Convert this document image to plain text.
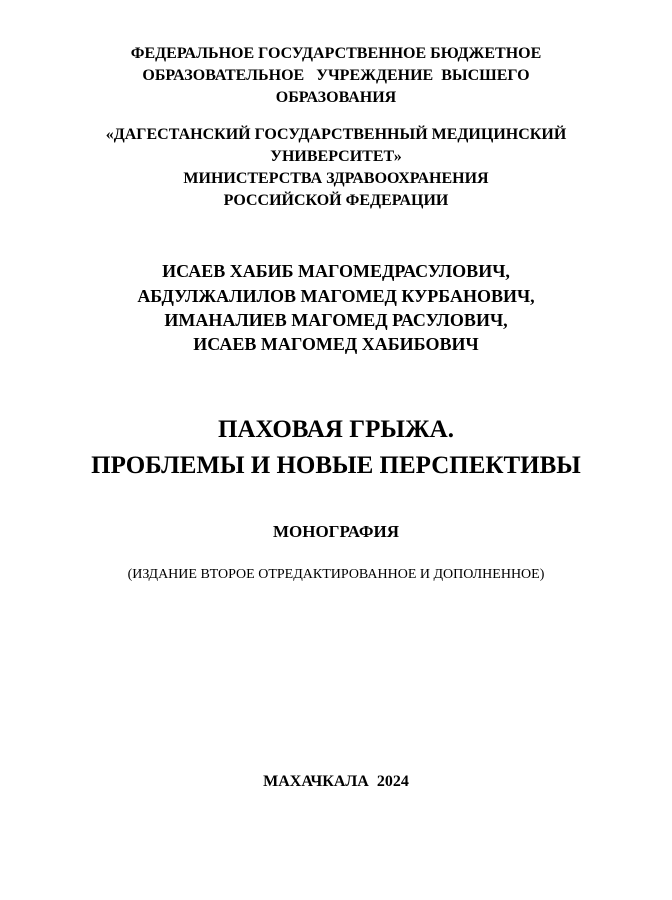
ФЕДЕРАЛЬНОЕ ГОСУДАРСТВЕННОЕ БЮДЖЕТНОЕ
ОБРАЗОВАТЕЛЬНОЕ   УЧРЕЖДЕНИЕ  ВЫСШЕГО
ОБРАЗОВАНИЯ
«ДАГЕСТАНСКИЙ ГОСУДАРСТВЕННЫЙ МЕДИЦИНСКИЙ
УНИВЕРСИТЕТ»
МИНИСТЕРСТВА ЗДРАВООХРАНЕНИЯ
РОССИЙСКОЙ ФЕДЕРАЦИИ
ИСАЕВ ХАБИБ МАГОМЕДРАСУЛОВИЧ,
АБДУЛЖАЛИЛОВ МАГОМЕД КУРБАНОВИЧ,
ИМАНАЛИЕВ МАГОМЕД РАСУЛОВИЧ,
ИСАЕВ МАГОМЕД ХАБИБОВИЧ
ПАХОВАЯ ГРЫЖА.
ПРОБЛЕМЫ И НОВЫЕ ПЕРСПЕКТИВЫ
МОНОГРАФИЯ
(ИЗДАНИЕ ВТОРОЕ ОТРЕДАКТИРОВАННОЕ И ДОПОЛНЕННОЕ)
МАХАЧКАЛА  2024
